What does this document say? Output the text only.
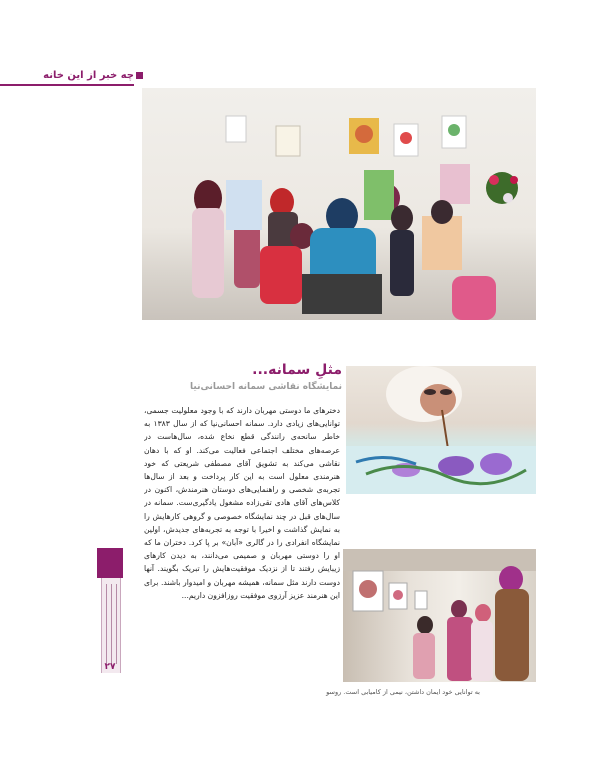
چه خبر از این خانه
مثلِ سمانه...
نمایشگاه نقاشی سمانه احسانی‌نیا
دخترهای ما دوستی مهربان دارند که با وجود معلولیت جسمی، توانایی‌های زیادی دارد. سمانه احسانی‌نیا که از سال ۱۳۸۳ به خاطر سانحه‌ی رانندگی قطع نخاع شده، سال‌هاست در عرصه‌های مختلف اجتماعی فعالیت می‌کند. او که با دهان نقاشی می‌کند به تشویق آقای مصطفی شریعتی که خود هنرمندی معلول است به این کار پرداخت و بعد از سال‌ها تجربه‌ی شخصی و راهنمایی‌های دوستان هنرمندش، اکنون در کلاس‌های آقای هادی تقی‌زاده مشغول یادگیری‌ست. سمانه در سال‌های قبل در چند نمایشگاه خصوصی و گروهی کارهایش را به نمایش گذاشت و اخیرا با توجه به تجربه‌های جدیدش، اولین نمایشگاه انفرادی را در گالری «آبان» بر پا کرد. دختران ما که او را دوستی مهربان و صمیمی می‌دانند، به دیدن کارهای زیبایش رفتند تا از نزدیک موفقیت‌هایش را تبریک بگویند. آنها دوست دارند مثل سمانه، همیشه مهربان و امیدوار باشند. برای این هنرمند عزیز آرزوی موفقیت روزافزون داریم...
۲۷
به توانایی خود ایمان داشتن، نیمی از کامیابی است. روسو
